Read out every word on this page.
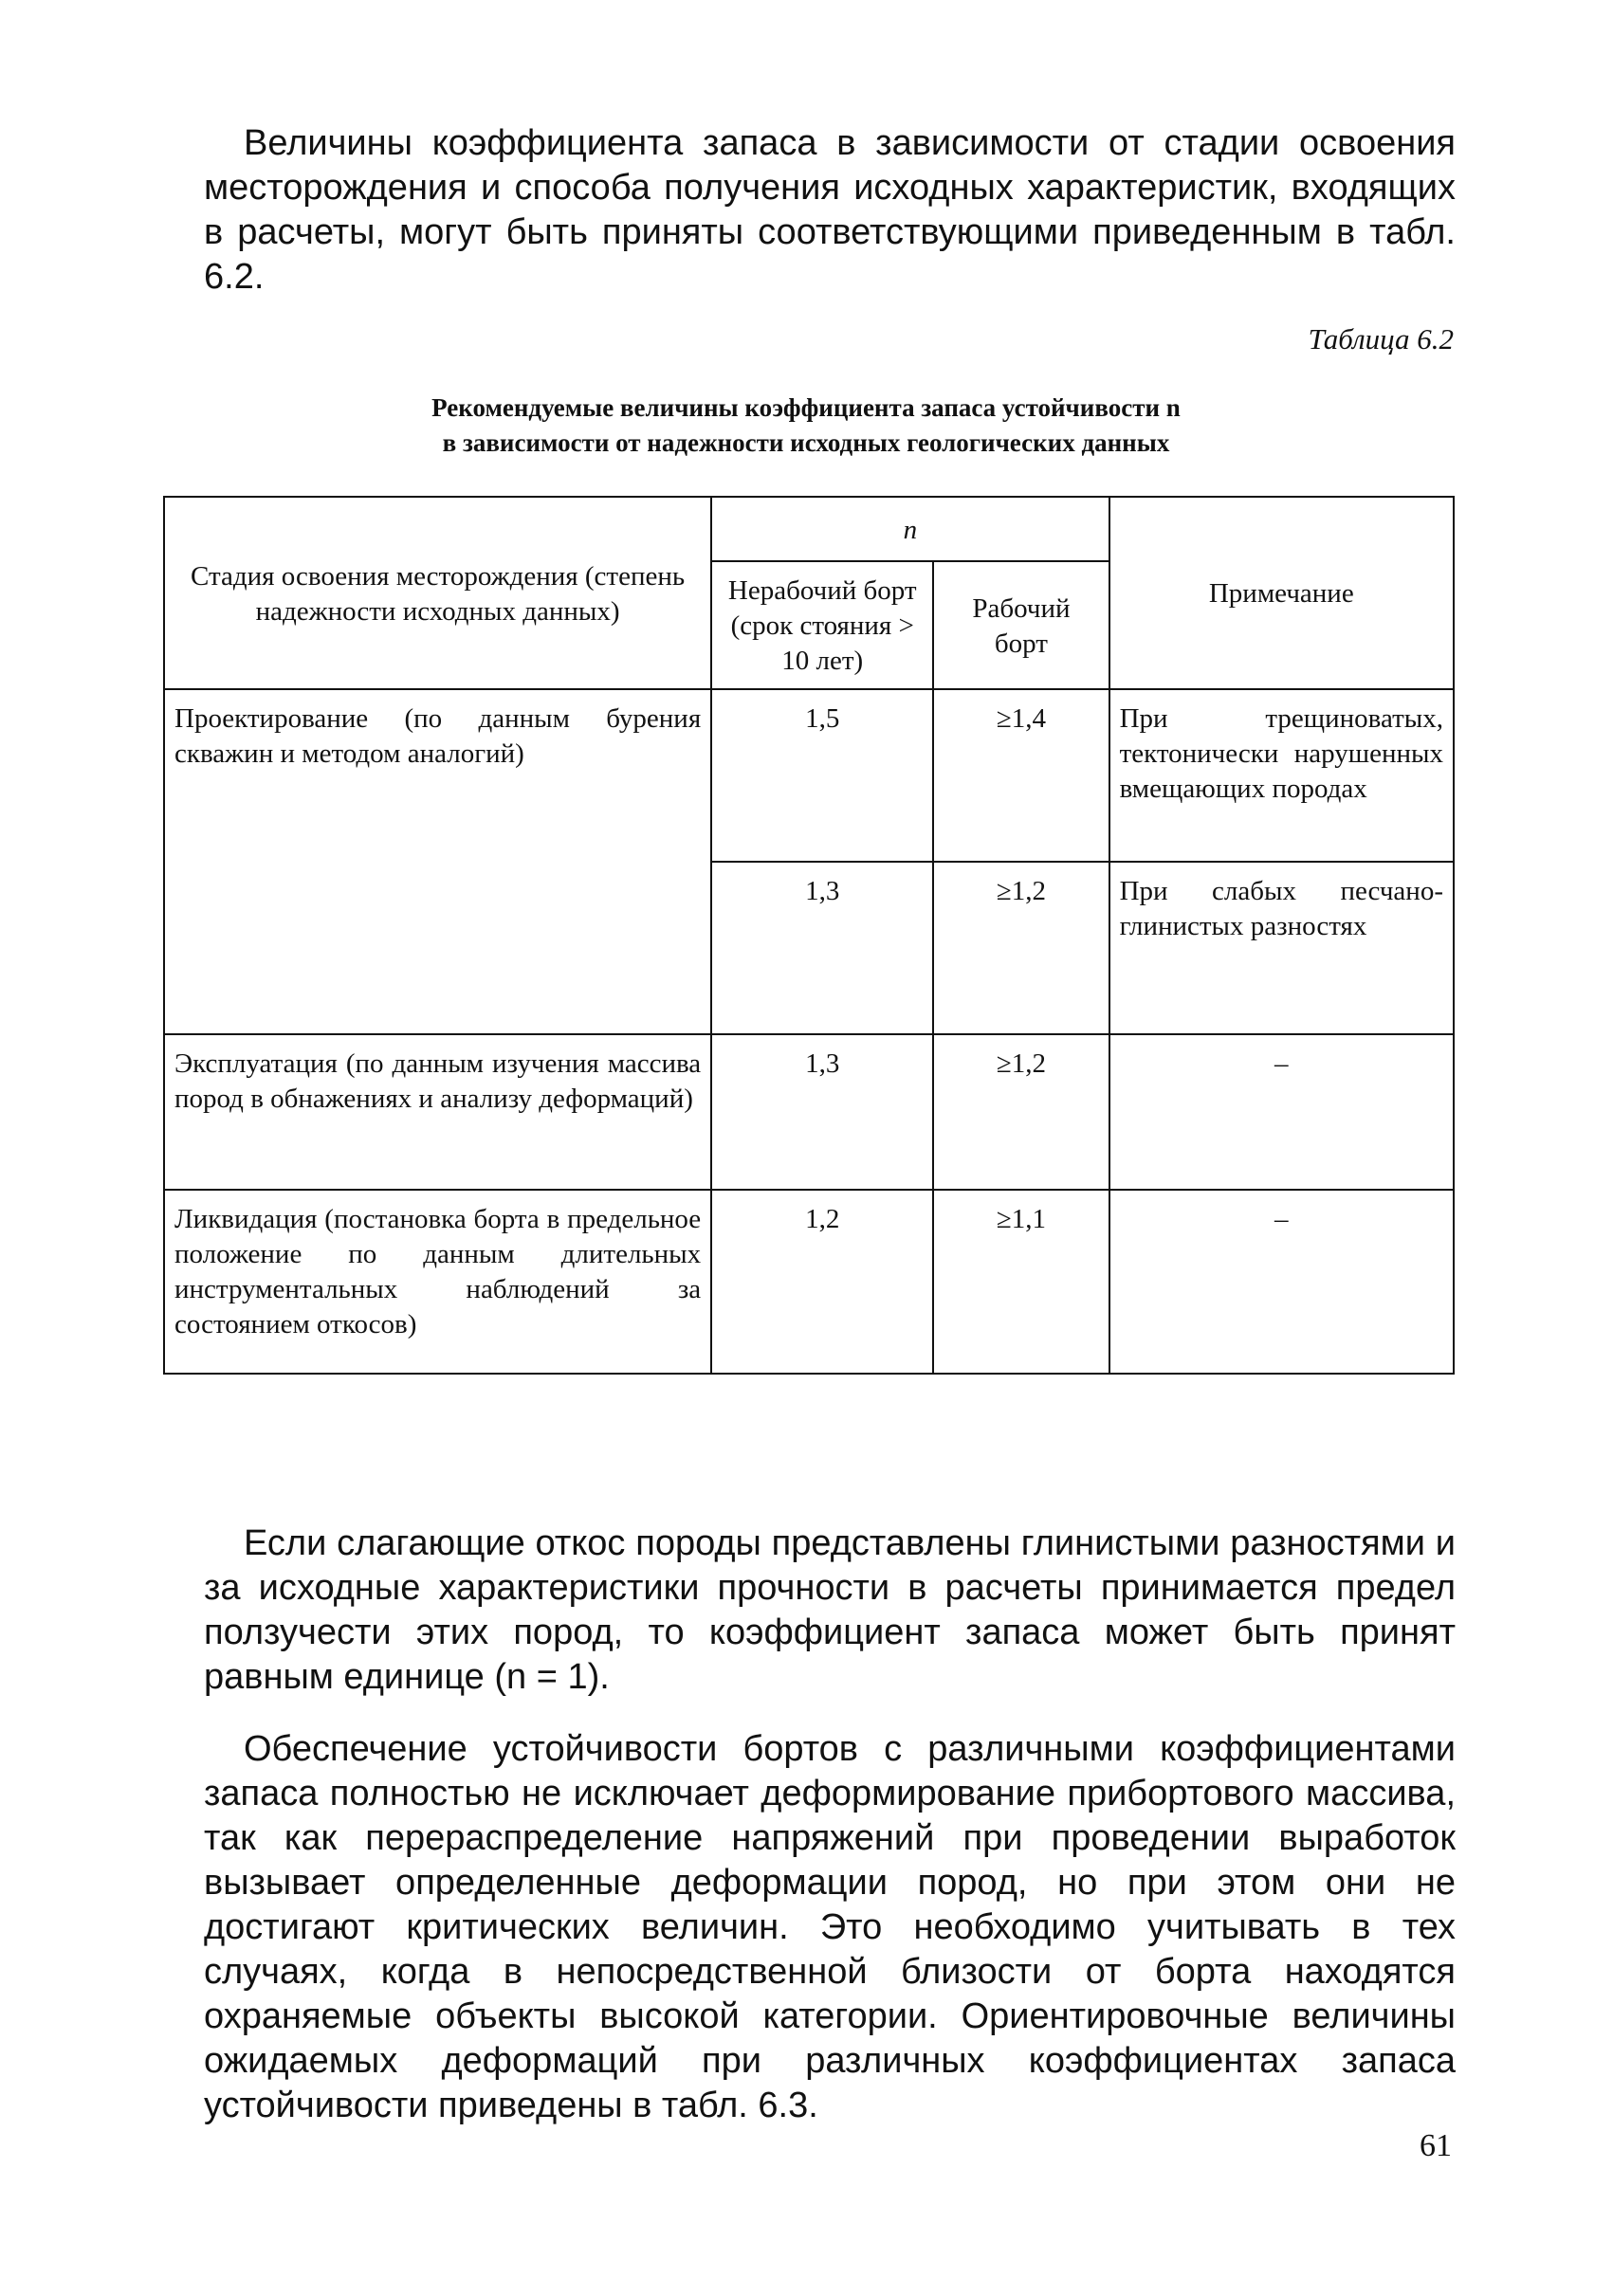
Величины коэффициента запаса в зависимости от стадии освоения месторождения и способа получения исходных характеристик, входящих в расчеты, могут быть приняты соответствующими приведенным в табл. 6.2.

Таблица 6.2
Рекомендуемые величины коэффициента запаса устойчивости n
в зависимости от надежности исходных геологических данных
Стадия освоения месторождения (степень надежности исходных данных)	n		Примечание
	Нерабочий борт (срок стояния > 10 лет)	Рабочий борт	
Проектирование (по данным бурения скважин и методом аналогий)	1,5	≥1,4	При трещиноватых, тектонически нарушенных вмещающих породах
	1,3	≥1,2	При слабых песчано-глинистых разностях
Эксплуатация (по данным изучения массива пород в обнажениях и анализу деформаций)	1,3	≥1,2	–
Ликвидация (постановка борта в предельное положение по данным длительных инструментальных наблюдений за состоянием откосов)	1,2	≥1,1	–

Если слагающие откос породы представлены глинистыми разностями и за исходные характеристики прочности в расчеты принимается предел ползучести этих пород, то коэффициент запаса может быть принят равным единице (n = 1).

Обеспечение устойчивости бортов с различными коэффициентами запаса полностью не исключает деформирование прибортового массива, так как перераспределение напряжений при проведении выработок вызывает определенные деформации пород, но при этом они не достигают критических величин. Это необходимо учитывать в тех случаях, когда в непосредственной близости от борта находятся охраняемые объекты высокой категории. Ориентировочные величины ожидаемых деформаций при различных коэффициентах запаса устойчивости приведены в табл. 6.3.

61
